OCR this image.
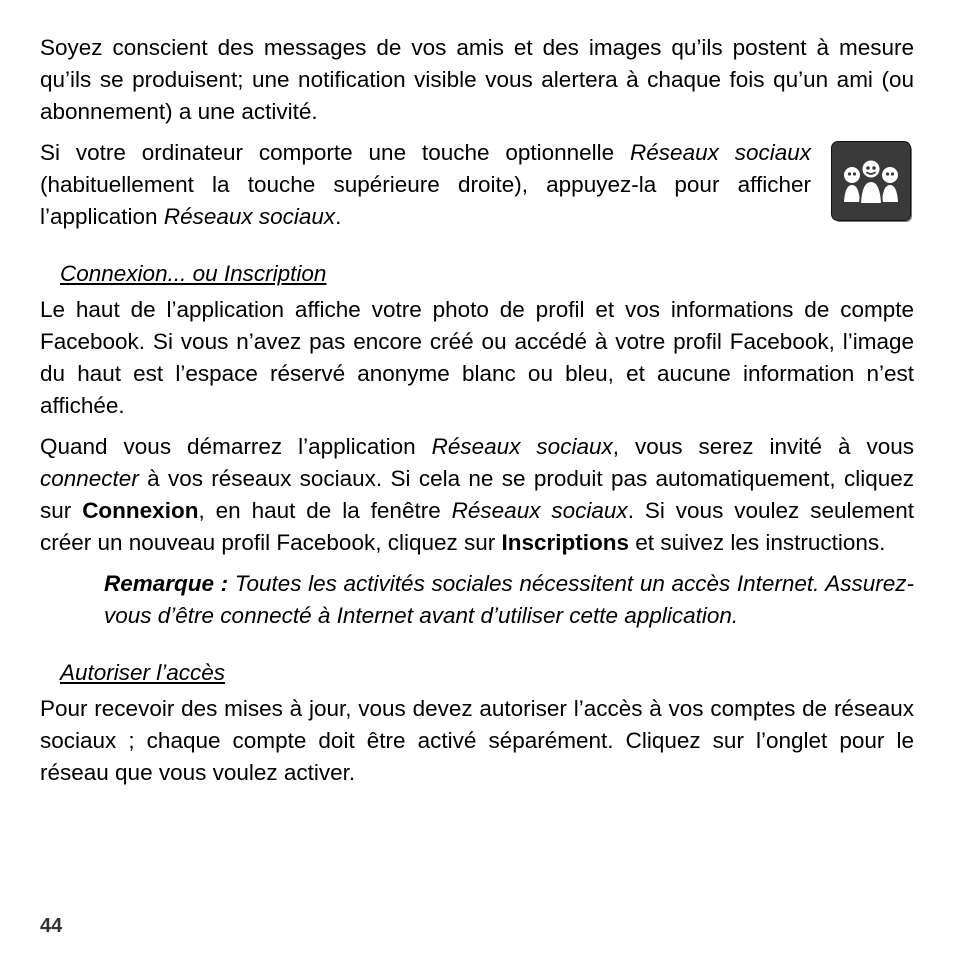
Soyez conscient des messages de vos amis et des images qu’ils postent à mesure qu’ils se produisent; une notification visible vous alertera à chaque fois qu’un ami (ou abonnement) a une activité.

Si votre ordinateur comporte une touche optionnelle Réseaux sociaux (habituellement la touche supérieure droite), appuyez-la pour afficher l’application Réseaux sociaux.

Connexion... ou Inscription

Le haut de l’application affiche votre photo de profil et vos informations de compte Facebook. Si vous n’avez pas encore créé ou accédé à votre profil Facebook, l’image du haut est l’espace réservé anonyme blanc ou bleu, et aucune information n’est affichée.

Quand vous démarrez l’application Réseaux sociaux, vous serez invité à vous connecter à vos réseaux sociaux. Si cela ne se produit pas automatiquement, cliquez sur Connexion, en haut de la fenêtre Réseaux sociaux. Si vous voulez seulement créer un nouveau profil Facebook, cliquez sur Inscriptions et suivez les instructions.

Remarque : Toutes les activités sociales nécessitent un accès Internet. Assurez-vous d’être connecté à Internet avant d’utiliser cette application.

Autoriser l’accès

Pour recevoir des mises à jour, vous devez autoriser l’accès à vos comptes de réseaux sociaux ; chaque compte doit être activé séparément. Cliquez sur l’onglet pour le réseau que vous voulez activer.

44
